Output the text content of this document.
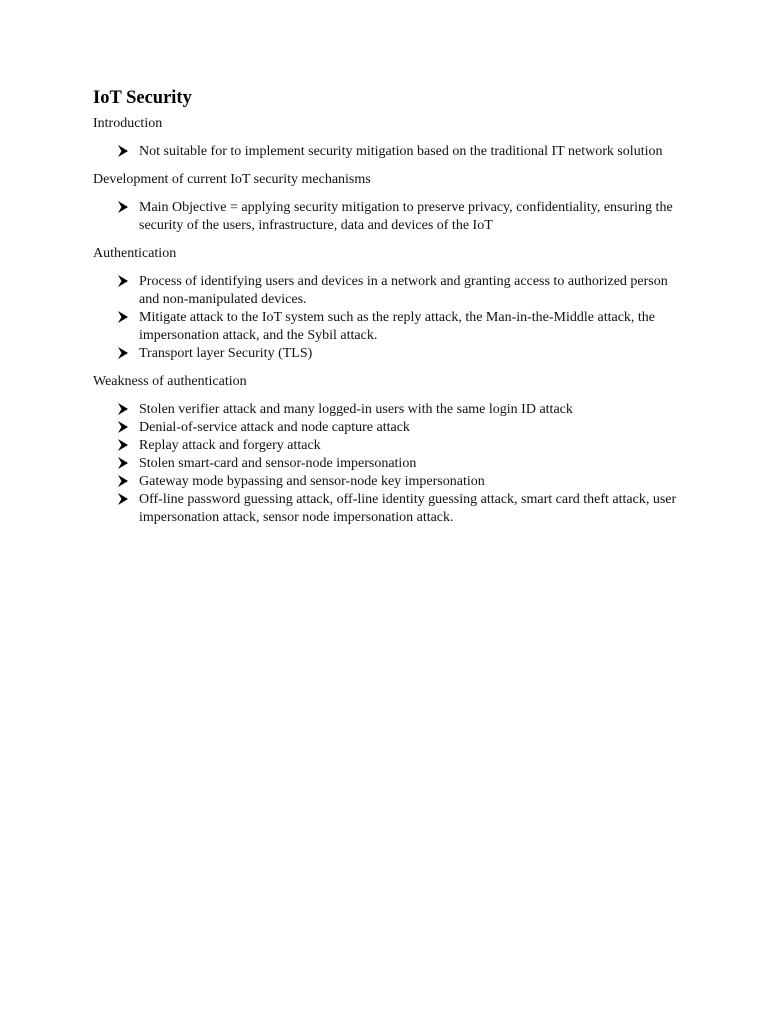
IoT Security

Introduction

Not suitable for to implement security mitigation based on the traditional IT network solution

Development of current IoT security mechanisms

Main Objective = applying security mitigation to preserve privacy, confidentiality, ensuring the security of the users, infrastructure, data and devices of the IoT

Authentication

Process of identifying users and devices in a network and granting access to authorized person and non-manipulated devices.
Mitigate attack to the IoT system such as the reply attack, the Man-in-the-Middle attack, the impersonation attack, and the Sybil attack.
Transport layer Security (TLS)

Weakness of authentication

Stolen verifier attack and many logged-in users with the same login ID attack
Denial-of-service attack and node capture attack
Replay attack and forgery attack
Stolen smart-card and sensor-node impersonation
Gateway mode bypassing and sensor-node key impersonation
Off-line password guessing attack, off-line identity guessing attack, smart card theft attack, user impersonation attack, sensor node impersonation attack.
